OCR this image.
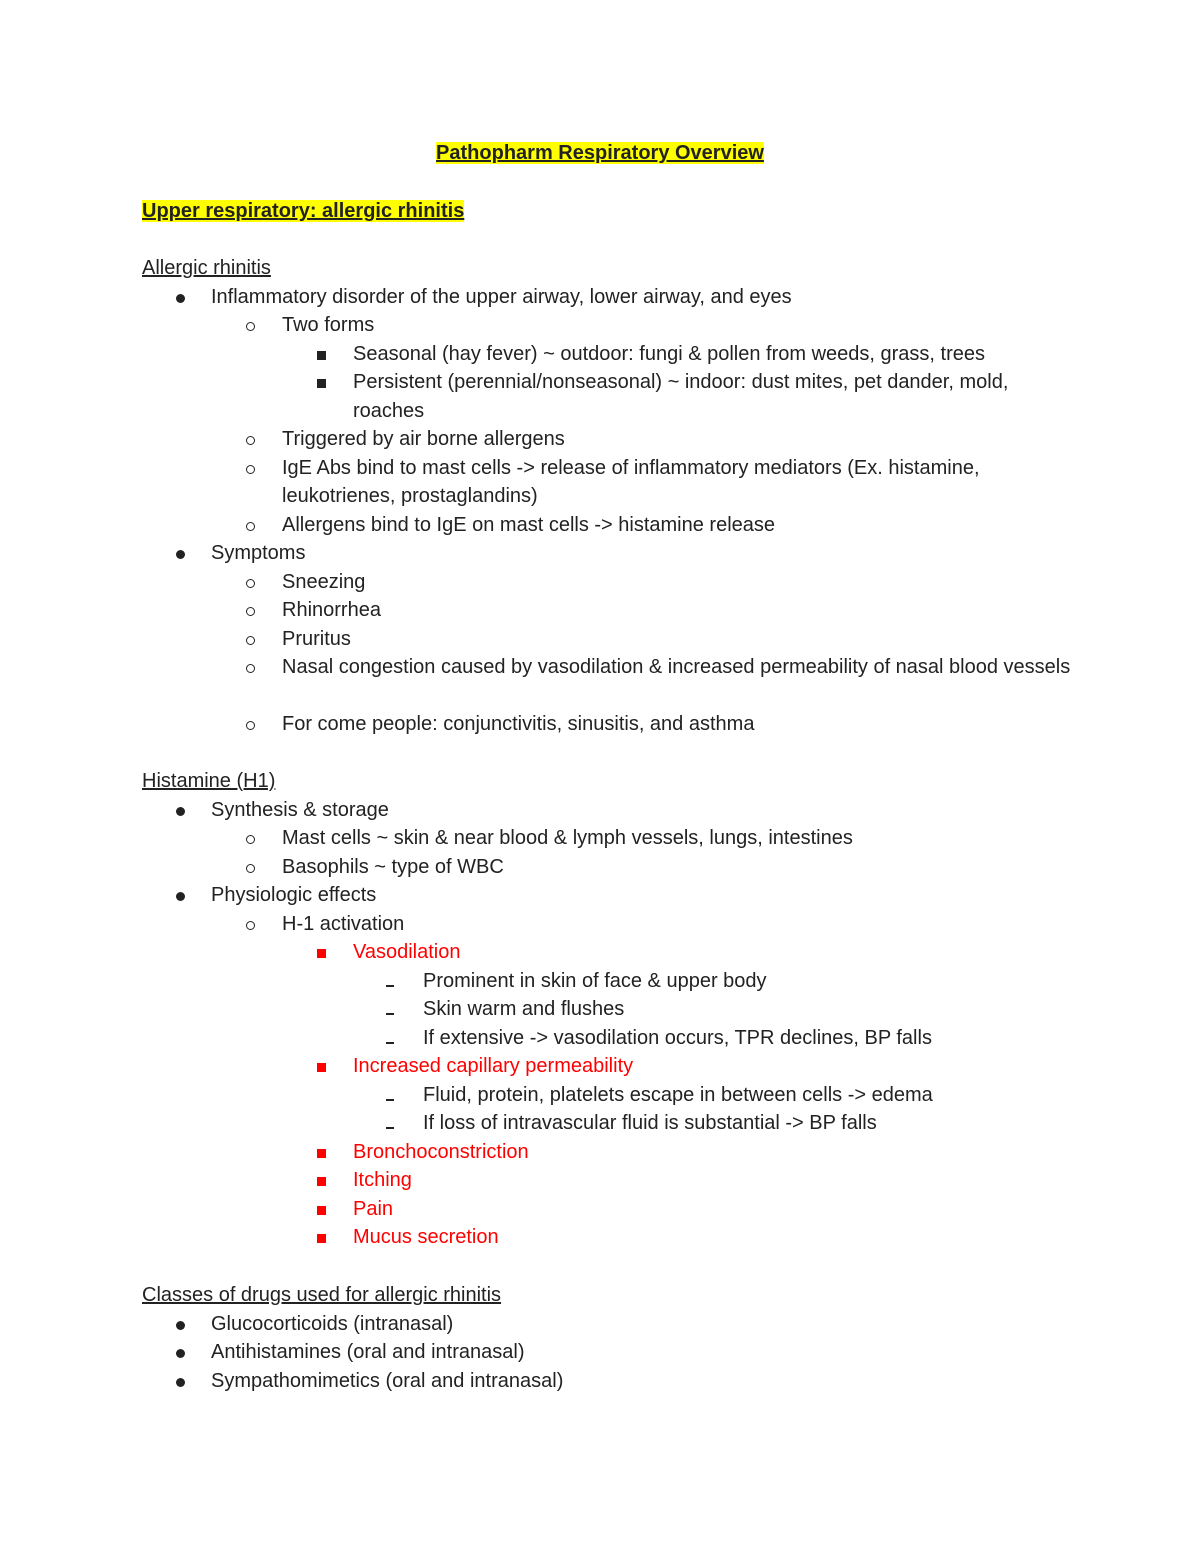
Pathopharm Respiratory Overview
Upper respiratory: allergic rhinitis
Allergic rhinitis
Inflammatory disorder of the upper airway, lower airway, and eyes
Two forms
Seasonal (hay fever) ~ outdoor: fungi & pollen from weeds, grass, trees
Persistent (perennial/nonseasonal) ~ indoor: dust mites, pet dander, mold, roaches
Triggered by air borne allergens
IgE Abs bind to mast cells -> release of inflammatory mediators (Ex. histamine, leukotrienes, prostaglandins)
Allergens bind to IgE on mast cells -> histamine release
Symptoms
Sneezing
Rhinorrhea
Pruritus
Nasal congestion caused by vasodilation & increased permeability of nasal blood vessels
For come people: conjunctivitis, sinusitis, and asthma
Histamine (H1)
Synthesis & storage
Mast cells ~ skin & near blood & lymph vessels, lungs, intestines
Basophils ~ type of WBC
Physiologic effects
H-1 activation
Vasodilation
Prominent in skin of face & upper body
Skin warm and flushes
If extensive -> vasodilation occurs, TPR declines, BP falls
Increased capillary permeability
Fluid, protein, platelets escape in between cells -> edema
If loss of intravascular fluid is substantial -> BP falls
Bronchoconstriction
Itching
Pain
Mucus secretion
Classes of drugs used for allergic rhinitis
Glucocorticoids (intranasal)
Antihistamines (oral and intranasal)
Sympathomimetics (oral and intranasal)
